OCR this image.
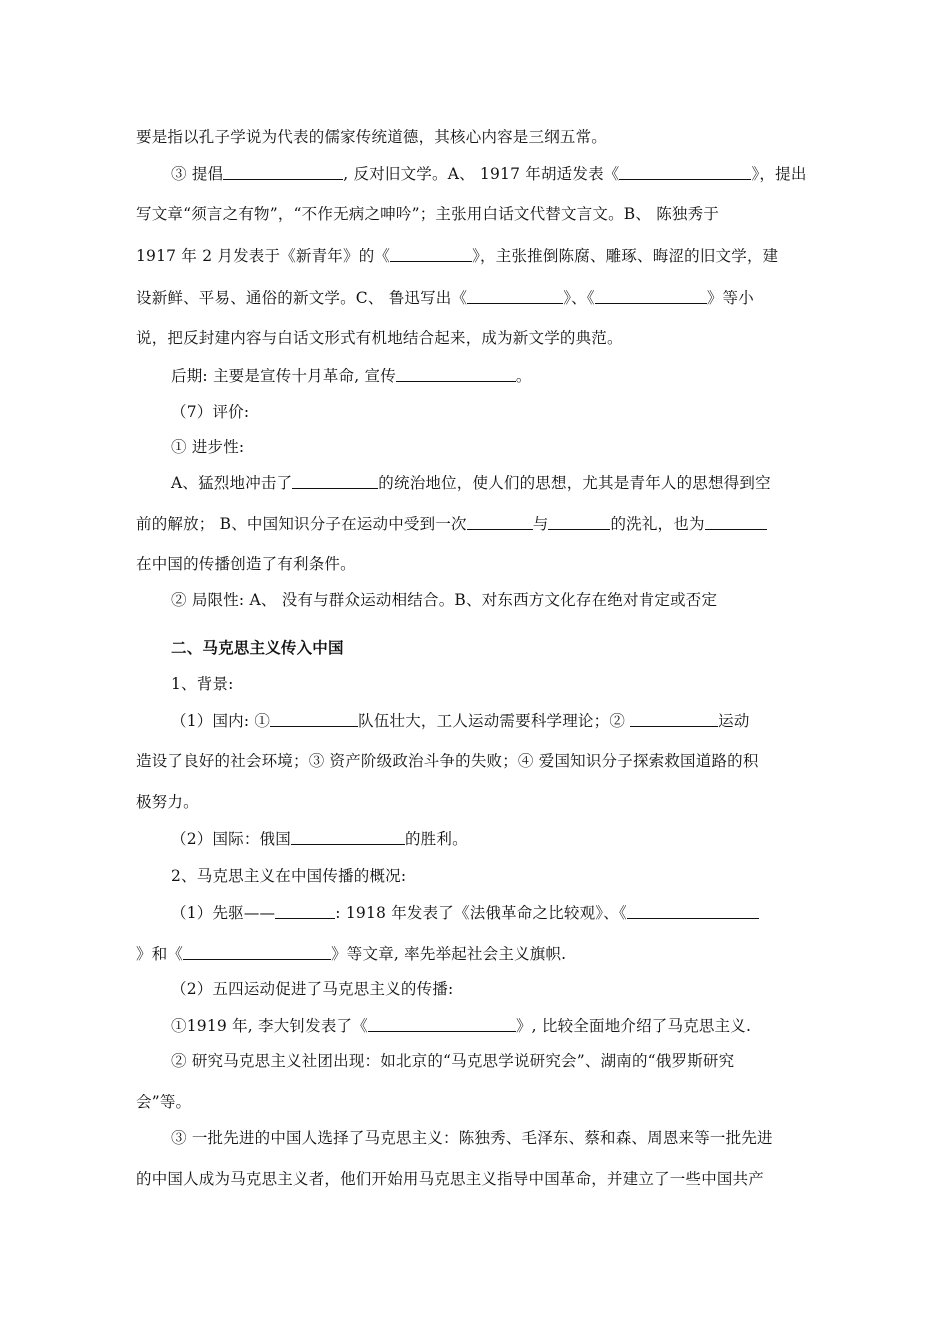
要是指以孔子学说为代表的儒家传统道德，其核心内容是三纲五常。
③ 提倡	, 反对旧文学。A、 1917 年胡适发表《	》，提出
写文章“须言之有物”，“不作无病之呻吟”；主张用白话文代替文言文。B、 陈独秀于
1917 年 2 月发表于《新青年》的《	》，主张推倒陈腐、雕琢、晦涩的旧文学，建
设新鲜、平易、通俗的新文学。C、 鲁迅写出《	》、《	》等小
说，把反封建内容与白话文形式有机地结合起来，成为新文学的典范。
后期: 主要是宣传十月革命, 宣传	。
（7）评价:
① 进步性:
A、猛烈地冲击了	的统治地位，使人们的思想，尤其是青年人的思想得到空
前的解放； B、中国知识分子在运动中受到一次	与	的洗礼，也为
在中国的传播创造了有利条件。
② 局限性: A、 没有与群众运动相结合。B、对东西方文化存在绝对肯定或否定
二、马克思主义传入中国
1、背景:
（1）国内: ①	队伍壮大，工人运动需要科学理论；②	运动
造设了良好的社会环境；③ 资产阶级政治斗争的失败；④ 爱国知识分子探索救国道路的积
极努力。
（2）国际：俄国	的胜利。
2、马克思主义在中国传播的概况:
（1）先驱——	: 1918 年发表了《法俄革命之比较观》、《
》和《	》等文章, 率先举起社会主义旗帜.
（2）五四运动促进了马克思主义的传播:
①1919 年, 李大钊发表了《	》, 比较全面地介绍了马克思主义.
② 研究马克思主义社团出现：如北京的“马克思学说研究会”、湖南的“俄罗斯研究
会”等。
③ 一批先进的中国人选择了马克思主义：陈独秀、毛泽东、蔡和森、周恩来等一批先进
的中国人成为马克思主义者，他们开始用马克思主义指导中国革命，并建立了一些中国共产
